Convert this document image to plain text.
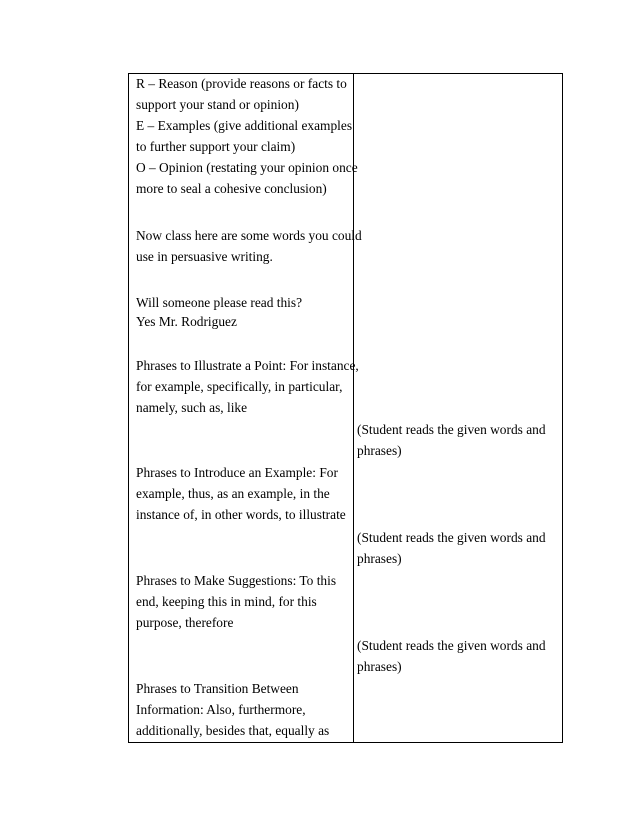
R – Reason (provide reasons or facts to
support your stand or opinion)
E – Examples (give additional examples
to further support your claim)
O – Opinion (restating your opinion once
more to seal a cohesive conclusion)
Now class here are some words you could
use in persuasive writing.
Will someone please read this?
Yes Mr. Rodriguez
Phrases to Illustrate a Point: For instance,
for example, specifically, in particular,
namely, such as, like
Phrases to Introduce an Example: For
example, thus, as an example, in the
instance of, in other words, to illustrate
Phrases to Make Suggestions: To this
end, keeping this in mind, for this
purpose, therefore
Phrases to Transition Between
Information: Also, furthermore,
additionally, besides that, equally as
(Student reads the given words and
phrases)
(Student reads the given words and
phrases)
(Student reads the given words and
phrases)
